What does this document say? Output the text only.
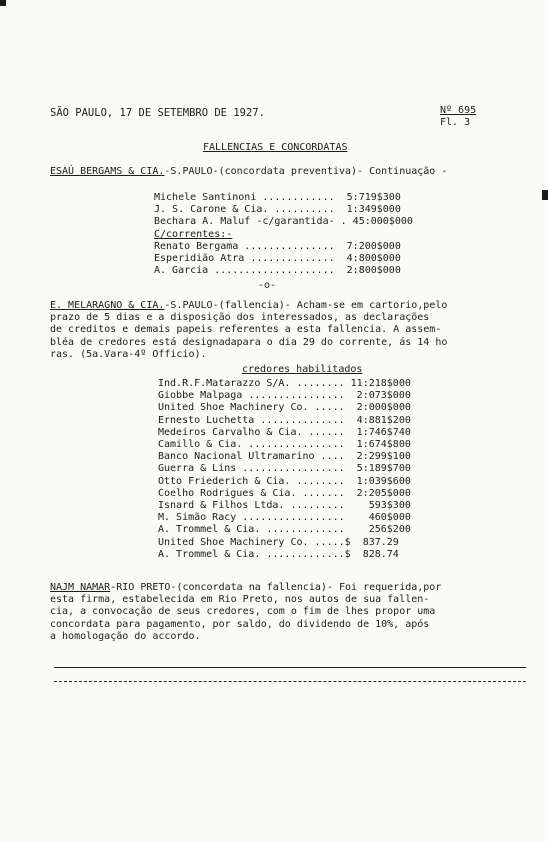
SÃO PAULO, 17 DE SETEMBRO DE 1927.	Nº 695
Fl. 3
FALLENCIAS E CONCORDATAS
ESAÚ BERGAMS & CIA.-S.PAULO-(concordata preventiva)- Continuação -
Michele Santinoni ............  5:719$300
J. S. Carone & Cia. ..........  1:349$000
Bechara A. Maluf -c/garantida- . 45:000$000
C/correntes:-
Renato Bergama ...............  7:200$000
Esperidião Atra ..............  4:800$000
A. Garcia ....................  2:800$000
-o-
E. MELARAGNO & CIA.-S.PAULO-(fallencia)- Acham-se em cartorio,pelo
prazo de 5 dias e a disposição dos interessados, as declarações
de creditos e demais papeis referentes a esta fallencia. A assem-
bléa de credores está designadapara o dia 29 do corrente, ás 14 ho
ras. (5a.Vara-4º Officio).
credores habilitados
Ind.R.F.Matarazzo S/A. ........ 11:218$000
Giobbe Malpaga ................  2:073$000
United Shoe Machinery Co. .....  2:000$000
Ernesto Luchetta ..............  4:881$200
Medeiros Carvalho & Cia. ......  1:746$740
Camillo & Cia. ................  1:674$800
Banco Nacional Ultramarino ....  2:299$100
Guerra & Lins .................  5:189$700
Otto Friederich & Cia. ........  1:039$600
Coelho Rodrigues & Cia. .......  2:205$000
Isnard & Filhos Ltda. .........    593$300
M. Simão Racy .................    460$000
A. Trommel & Cia. .............    256$200
United Shoe Machinery Co. .....$  837.29
A. Trommel & Cia. .............$  828.74
NAJM NAMAR-RIO PRETO-(concordata na fallencia)- Foi requerida,por
esta firma, estabelecida em Rio Preto, nos autos de sua fallen-
cia, a convocação de seus credores, com o fim de lhes propor uma
concordata para pagamento, por saldo, do dividendo de 10%, após
a homologação do accordo.
